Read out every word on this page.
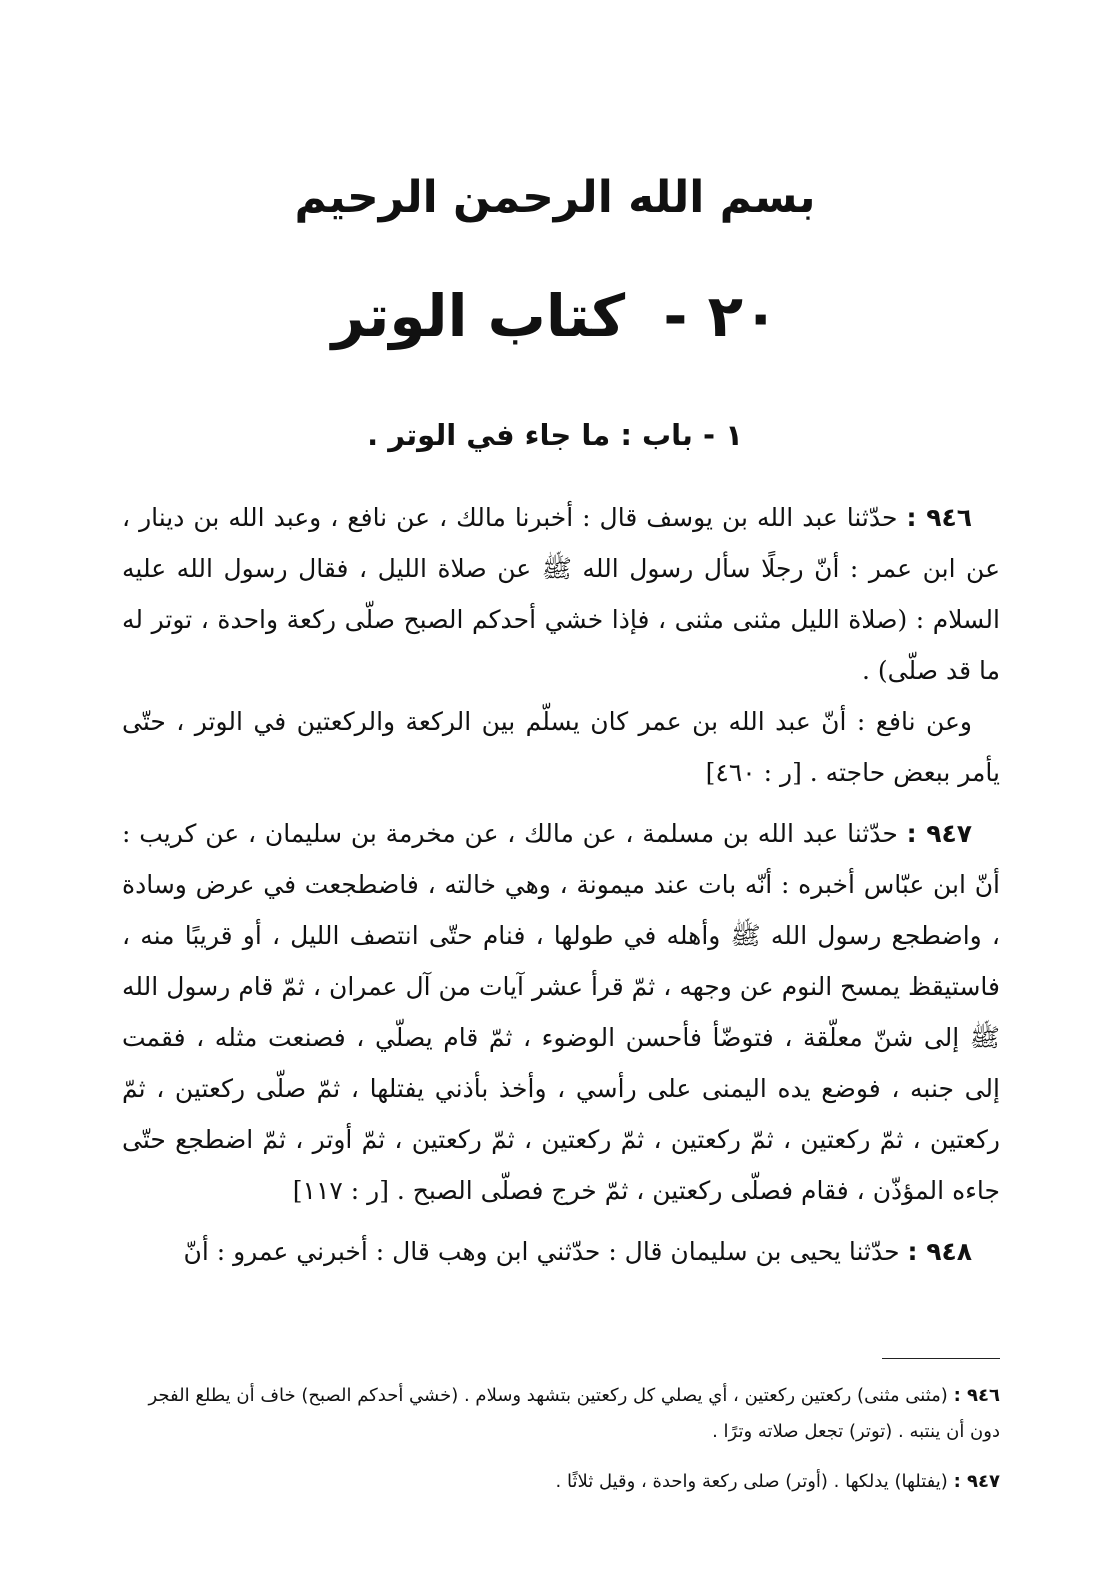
بسم الله الرحمن الرحيم
٢٠ - كتاب الوتر
١ - باب : ما جاء في الوتر .

٩٤٦ : حدّثنا عبد الله بن يوسف قال : أخبرنا مالك ، عن نافع ، وعبد الله بن دينار ، عن ابن عمر : أنّ رجلًا سأل رسول الله ﷺ عن صلاة الليل ، فقال رسول الله عليه السلام : (صلاة الليل مثنى مثنى ، فإذا خشي أحدكم الصبح صلّى ركعة واحدة ، توتر له ما قد صلّى) .

وعن نافع : أنّ عبد الله بن عمر كان يسلّم بين الركعة والركعتين في الوتر ، حتّى يأمر ببعض حاجته . [ر : ٤٦٠]

٩٤٧ : حدّثنا عبد الله بن مسلمة ، عن مالك ، عن مخرمة بن سليمان ، عن كريب : أنّ ابن عبّاس أخبره : أنّه بات عند ميمونة ، وهي خالته ، فاضطجعت في عرض وسادة ، واضطجع رسول الله ﷺ وأهله في طولها ، فنام حتّى انتصف الليل ، أو قريبًا منه ، فاستيقظ يمسح النوم عن وجهه ، ثمّ قرأ عشر آيات من آل عمران ، ثمّ قام رسول الله ﷺ إلى شنّ معلّقة ، فتوضّأ فأحسن الوضوء ، ثمّ قام يصلّي ، فصنعت مثله ، فقمت إلى جنبه ، فوضع يده اليمنى على رأسي ، وأخذ بأذني يفتلها ، ثمّ صلّى ركعتين ، ثمّ ركعتين ، ثمّ ركعتين ، ثمّ ركعتين ، ثمّ ركعتين ، ثمّ ركعتين ، ثمّ أوتر ، ثمّ اضطجع حتّى جاءه المؤذّن ، فقام فصلّى ركعتين ، ثمّ خرج فصلّى الصبح . [ر : ١١٧]

٩٤٨ : حدّثنا يحيى بن سليمان قال : حدّثني ابن وهب قال : أخبرني عمرو : أنّ

٩٤٦ : (مثنى مثنى) ركعتين ركعتين ، أي يصلي كل ركعتين بتشهد وسلام . (خشي أحدكم الصبح) خاف أن يطلع الفجر دون أن ينتبه . (توتر) تجعل صلاته وترًا .

٩٤٧ : (يفتلها) يدلكها . (أوتر) صلى ركعة واحدة ، وقيل ثلاثًا .
